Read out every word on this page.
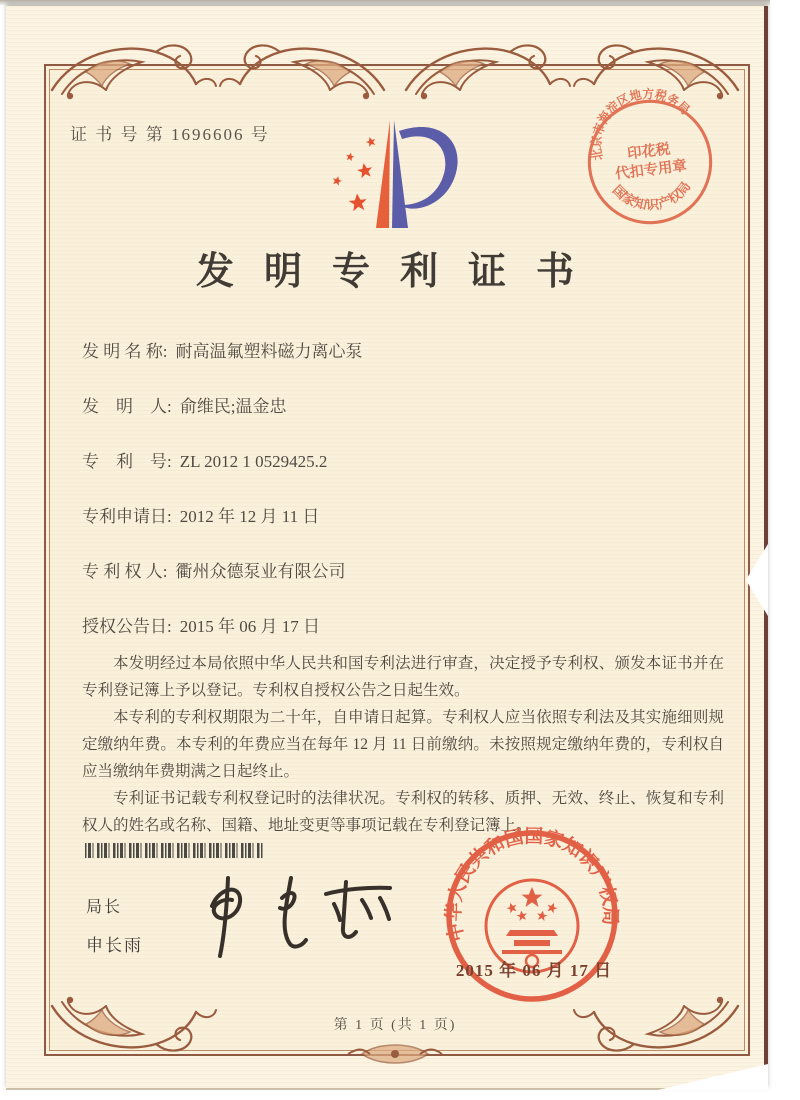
证 书 号 第 1696606 号
北京市海淀区地方税务局
国家知识产权局
印花税
代扣专用章
发明专利证书
发 明 名 称: 耐高温氟塑料磁力离心泵
发　明　人: 俞维民;温金忠
专　利　号: ZL 2012 1 0529425.2
专利申请日: 2012 年 12 月 11 日
专 利 权 人: 衢州众德泵业有限公司
授权公告日: 2015 年 06 月 17 日

本发明经过本局依照中华人民共和国专利法进行审查，决定授予专利权、颁发本证书并在专利登记簿上予以登记。专利权自授权公告之日起生效。

本专利的专利权期限为二十年，自申请日起算。专利权人应当依照专利法及其实施细则规定缴纳年费。本专利的年费应当在每年 12 月 11 日前缴纳。未按照规定缴纳年费的，专利权自应当缴纳年费期满之日起终止。

专利证书记载专利权登记时的法律状况。专利权的转移、质押、无效、终止、恢复和专利权人的姓名或名称、国籍、地址变更等事项记载在专利登记簿上。

局长
申长雨
中华人民共和国国家知识产权局
2015 年 06 月 17 日
第 1 页 (共 1 页)
